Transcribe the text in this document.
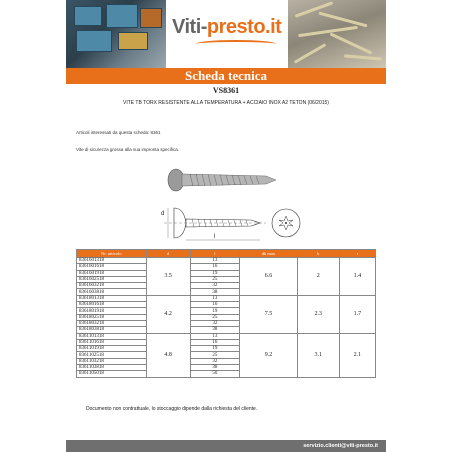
Viti-presto.it
Scheda tecnica
VS8361
VITE TB TORX RESISTENTE ALLA TEMPERATURA + ACCIAIO INOX A2 TETON (06/2015)
Articoli interessati da questa scheda: 8361
Vite di sicurezza grossa alla sua impronta specifica.
d
l
Nr. articolo	d	l	dk max	k	t
8361601318	3.5	13	6.6	2	1.4
8361601618		16			
8361601918		19			
8361602518		25			
8361603218		32			
8361603818		38			
8361801318	4.2	13	7.5	2.3	1.7
8361801618		16			
8361801918		19			
8361802518		25			
8361803218		32			
8361803818		38			
8361101318	4.8	13	9.2	3.1	2.1
8361101618		16			
8361101918		19			
8361102518		25			
8361103218		32			
8361103818		38			
8361105018		50			
Documento non contrattuale, lo stoccaggio dipende dalla richiesta del cliente.
servizio.clienti@viti-presto.it
